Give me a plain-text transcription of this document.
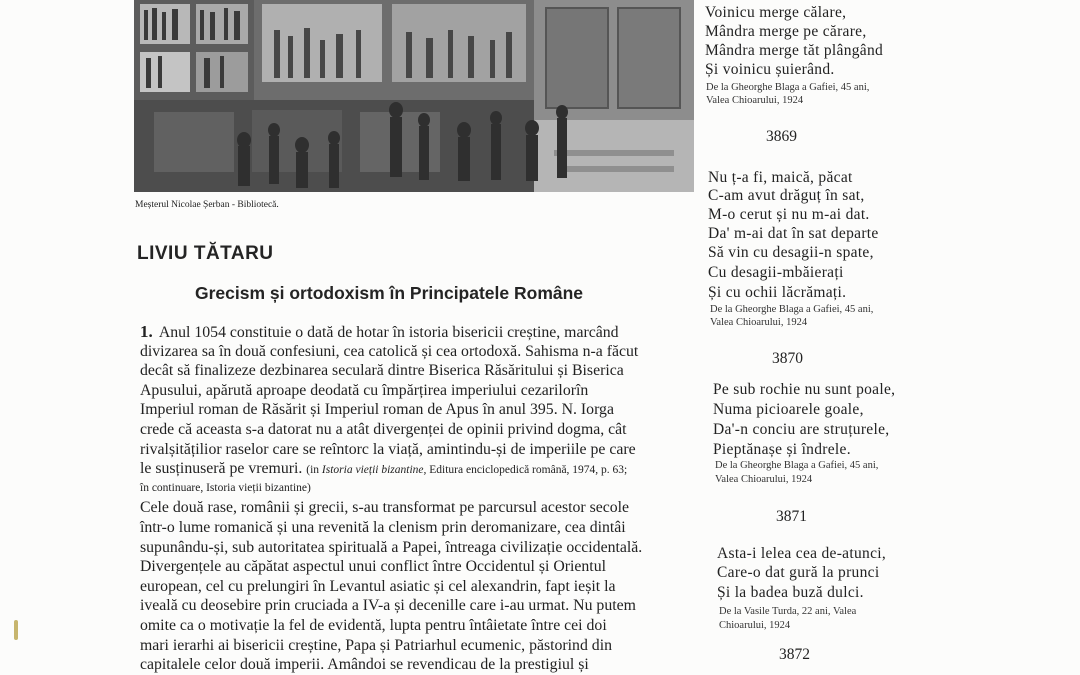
Meșterul Nicolae Șerban - Bibliotecă.
LIVIU TĂTARU
Grecism și ortodoxism în Principatele Române
1. Anul 1054 constituie o dată de hotar în istoria bisericii creștine, marcând
divizarea sa în două confesiuni, cea catolică și cea ortodoxă. Sahisma n-a făcut
decât să finalizeze dezbinarea seculară dintre Biserica Răsăritului și Biserica
Apusului, apărută aproape deodată cu împărțirea imperiului cezarilorîn
Imperiul roman de Răsărit și Imperiul roman de Apus în anul 395. N. Iorga
crede că aceasta s-a datorat nu a atât divergenței de opinii privind dogma, cât
rivalșitățilior raselor care se reîntorc la viață, amintindu-și de imperiile pe care
le susținuseră pe vremuri. (in Istoria vieții bizantine, Editura enciclopedică română, 1974, p. 63;
în continuare, Istoria vieții bizantine)
Cele două rase, românii și grecii, s-au transformat pe parcursul acestor secole
într-o lume romanică și una revenită la clenism prin deromanizare, cea dintâi
supunându-și, sub autoritatea spirituală a Papei, întreaga civilizație occidentală.
Divergențele au căpătat aspectul unui conflict între Occidentul și Orientul
european, cel cu prelungiri în Levantul asiatic și cel alexandrin, fapt ieșit la
iveală cu deosebire prin cruciada a IV-a și decenille care i-au urmat. Nu putem
omite ca o motivație la fel de evidentă, lupta pentru întâietate între cei doi
mari ierarhi ai bisericii creștine, Papa și Patriarhul ecumenic, păstorind din
capitalele celor două imperii. Amândoi se revendicau de la prestigiul și
Voinicu merge călare,
Mândra merge pe cărare,
Mândra merge tăt plângând
Și voinicu șuierând.
De la Gheorghe Blaga a Gafiei, 45 ani,
Valea Chioarului, 1924
3869
Nu ț-a fi, maică, păcat
C-am avut drăguț în sat,
M-o cerut și nu m-ai dat.
Da' m-ai dat în sat departe
Să vin cu desagii-n spate,
Cu desagii-mbăierați
Și cu ochii lăcrămați.
De la Gheorghe Blaga a Gafiei, 45 ani,
Valea Chioarului, 1924
3870
Pe sub rochie nu sunt poale,
Numa picioarele goale,
Da'-n conciu are struțurele,
Pieptănașe și îndrele.
De la Gheorghe Blaga a Gafiei, 45 ani,
Valea Chioarului, 1924
3871
Asta-i lelea cea de-atunci,
Care-o dat gură la prunci
Și la badea buză dulci.
De la Vasile Turda, 22 ani, Valea
Chioarului, 1924
3872
